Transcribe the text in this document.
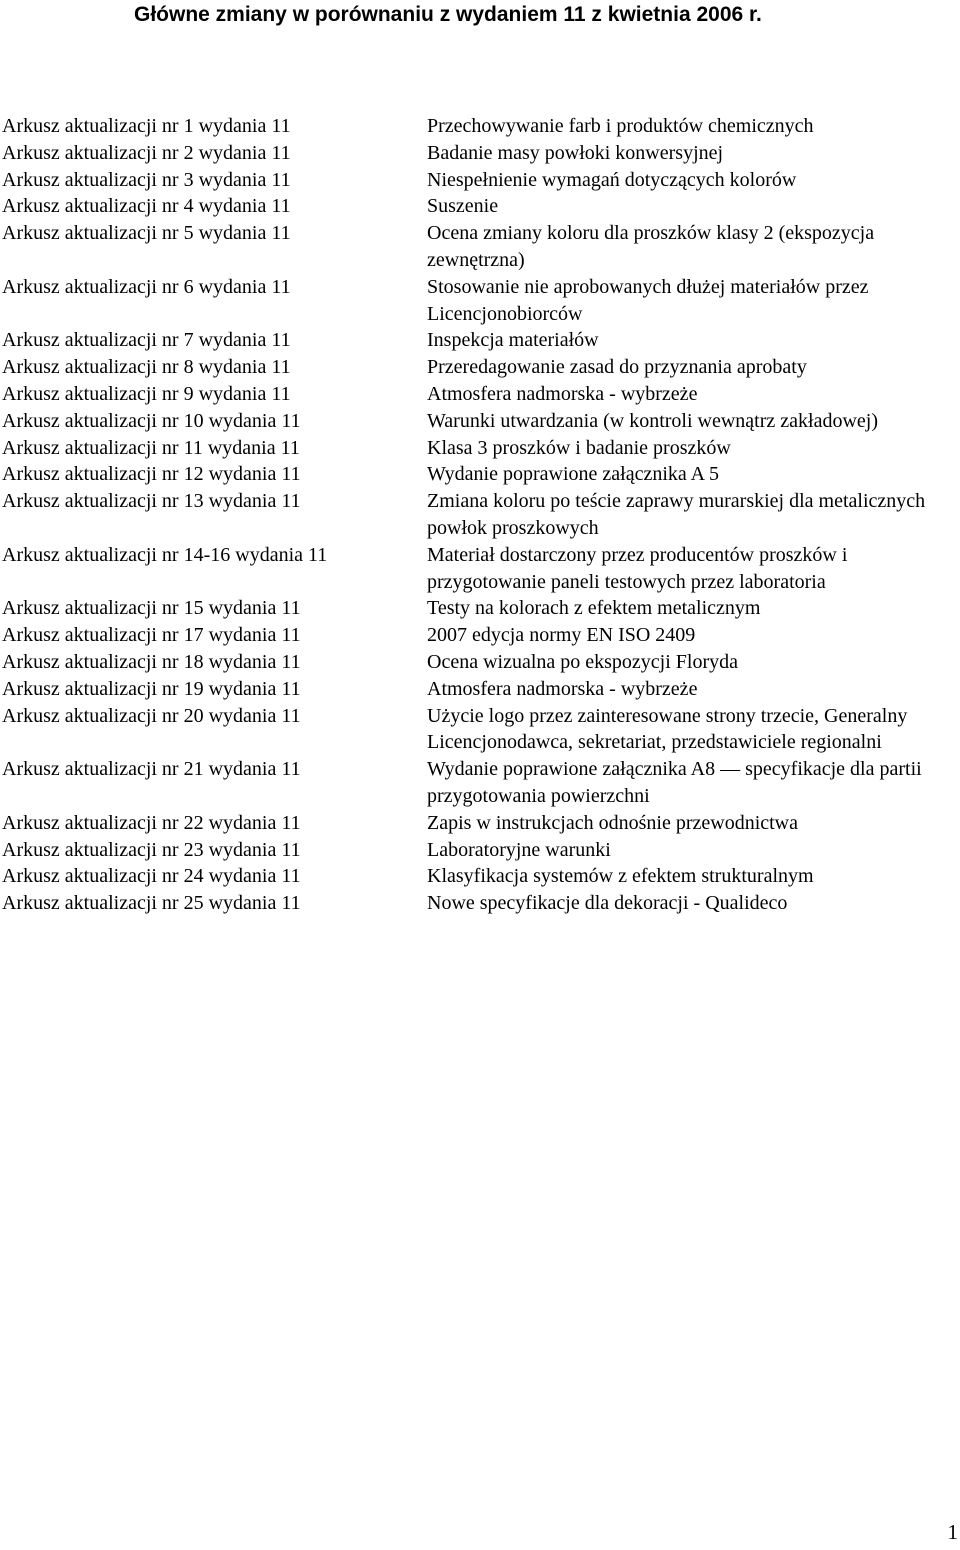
Główne zmiany w porównaniu z wydaniem 11 z kwietnia 2006 r.
Arkusz aktualizacji nr 1 wydania 11	Przechowywanie farb i produktów chemicznych
Arkusz aktualizacji nr 2 wydania 11	Badanie masy powłoki konwersyjnej
Arkusz aktualizacji nr 3 wydania 11	Niespełnienie wymagań dotyczących kolorów
Arkusz aktualizacji nr 4 wydania 11	Suszenie
Arkusz aktualizacji nr 5 wydania 11	Ocena zmiany koloru dla proszków klasy 2 (ekspozycja zewnętrzna)
Arkusz aktualizacji nr 6 wydania 11	Stosowanie nie aprobowanych dłużej materiałów przez Licencjonobiorców
Arkusz aktualizacji nr 7 wydania 11	Inspekcja materiałów
Arkusz aktualizacji nr 8 wydania 11	Przeredagowanie zasad do przyznania aprobaty
Arkusz aktualizacji nr 9 wydania 11	Atmosfera nadmorska - wybrzeże
Arkusz aktualizacji nr 10 wydania 11	Warunki utwardzania (w kontroli wewnątrz zakładowej)
Arkusz aktualizacji nr 11 wydania 11	Klasa 3 proszków i badanie proszków
Arkusz aktualizacji nr 12 wydania 11	Wydanie poprawione załącznika A 5
Arkusz aktualizacji nr 13 wydania 11	Zmiana koloru po teście zaprawy murarskiej dla metalicznych powłok proszkowych
Arkusz aktualizacji nr 14-16 wydania 11	Materiał dostarczony przez producentów proszków i przygotowanie paneli testowych przez laboratoria
Arkusz aktualizacji nr 15 wydania 11	Testy na kolorach z efektem metalicznym
Arkusz aktualizacji nr 17 wydania 11	2007 edycja normy EN ISO 2409
Arkusz aktualizacji nr 18 wydania 11	Ocena wizualna po ekspozycji Floryda
Arkusz aktualizacji nr 19 wydania 11	Atmosfera nadmorska - wybrzeże
Arkusz aktualizacji nr 20 wydania 11	Użycie logo przez zainteresowane strony trzecie, Generalny Licencjonodawca, sekretariat, przedstawiciele regionalni
Arkusz aktualizacji nr 21 wydania 11	Wydanie poprawione załącznika A8 — specyfikacje dla partii przygotowania powierzchni
Arkusz aktualizacji nr 22 wydania 11	Zapis w instrukcjach odnośnie przewodnictwa
Arkusz aktualizacji nr 23 wydania 11	Laboratoryjne warunki
Arkusz aktualizacji nr 24 wydania 11	Klasyfikacja systemów z efektem strukturalnym
Arkusz aktualizacji nr 25 wydania 11	Nowe specyfikacje dla dekoracji - Qualideco
1
